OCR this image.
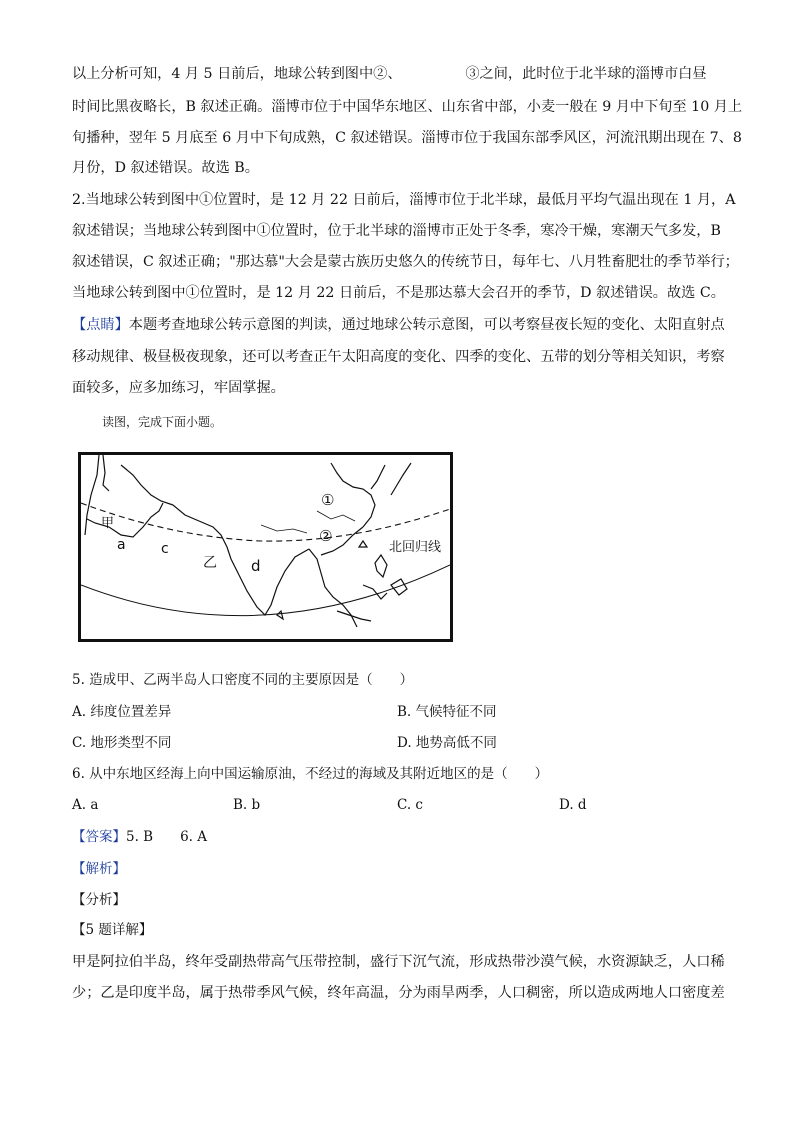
以上分析可知，4 月 5 日前后，地球公转到图中②、　　　　　③之间，此时位于北半球的淄博市白昼
时间比黑夜略长，B 叙述正确。淄博市位于中国华东地区、山东省中部，小麦一般在 9 月中下旬至 10 月上
旬播种，翌年 5 月底至 6 月中下旬成熟，C 叙述错误。淄博市位于我国东部季风区，河流汛期出现在 7、8
月份，D 叙述错误。故选 B。
2.当地球公转到图中①位置时，是 12 月 22 日前后，淄博市位于北半球，最低月平均气温出现在 1 月，A
叙述错误；当地球公转到图中①位置时，位于北半球的淄博市正处于冬季，寒冷干燥，寒潮天气多发，B
叙述错误，C 叙述正确；"那达慕"大会是蒙古族历史悠久的传统节日，每年七、八月牲畜肥壮的季节举行；
当地球公转到图中①位置时，是 12 月 22 日前后，不是那达慕大会召开的季节，D 叙述错误。故选 C。
【点睛】本题考查地球公转示意图的判读，通过地球公转示意图，可以考察昼夜长短的变化、太阳直射点
移动规律、极昼极夜现象，还可以考查正午太阳高度的变化、四季的变化、五带的划分等相关知识，考察
面较多，应多加练习，牢固掌握。
读图，完成下面小题。
甲
a	c
乙 d
①
②
北回归线
5. 造成甲、乙两半岛人口密度不同的主要原因是（　　）
A. 纬度位置差异	B. 气候特征不同
C. 地形类型不同	D. 地势高低不同
6. 从中东地区经海上向中国运输原油，不经过的海域及其附近地区的是（　　）
A. a	B. b	C. c	D. d
【答案】5. B　　6. A
【解析】
【分析】
【5 题详解】
甲是阿拉伯半岛，终年受副热带高气压带控制，盛行下沉气流，形成热带沙漠气候，水资源缺乏，人口稀
少；乙是印度半岛，属于热带季风气候，终年高温，分为雨旱两季，人口稠密，所以造成两地人口密度差
